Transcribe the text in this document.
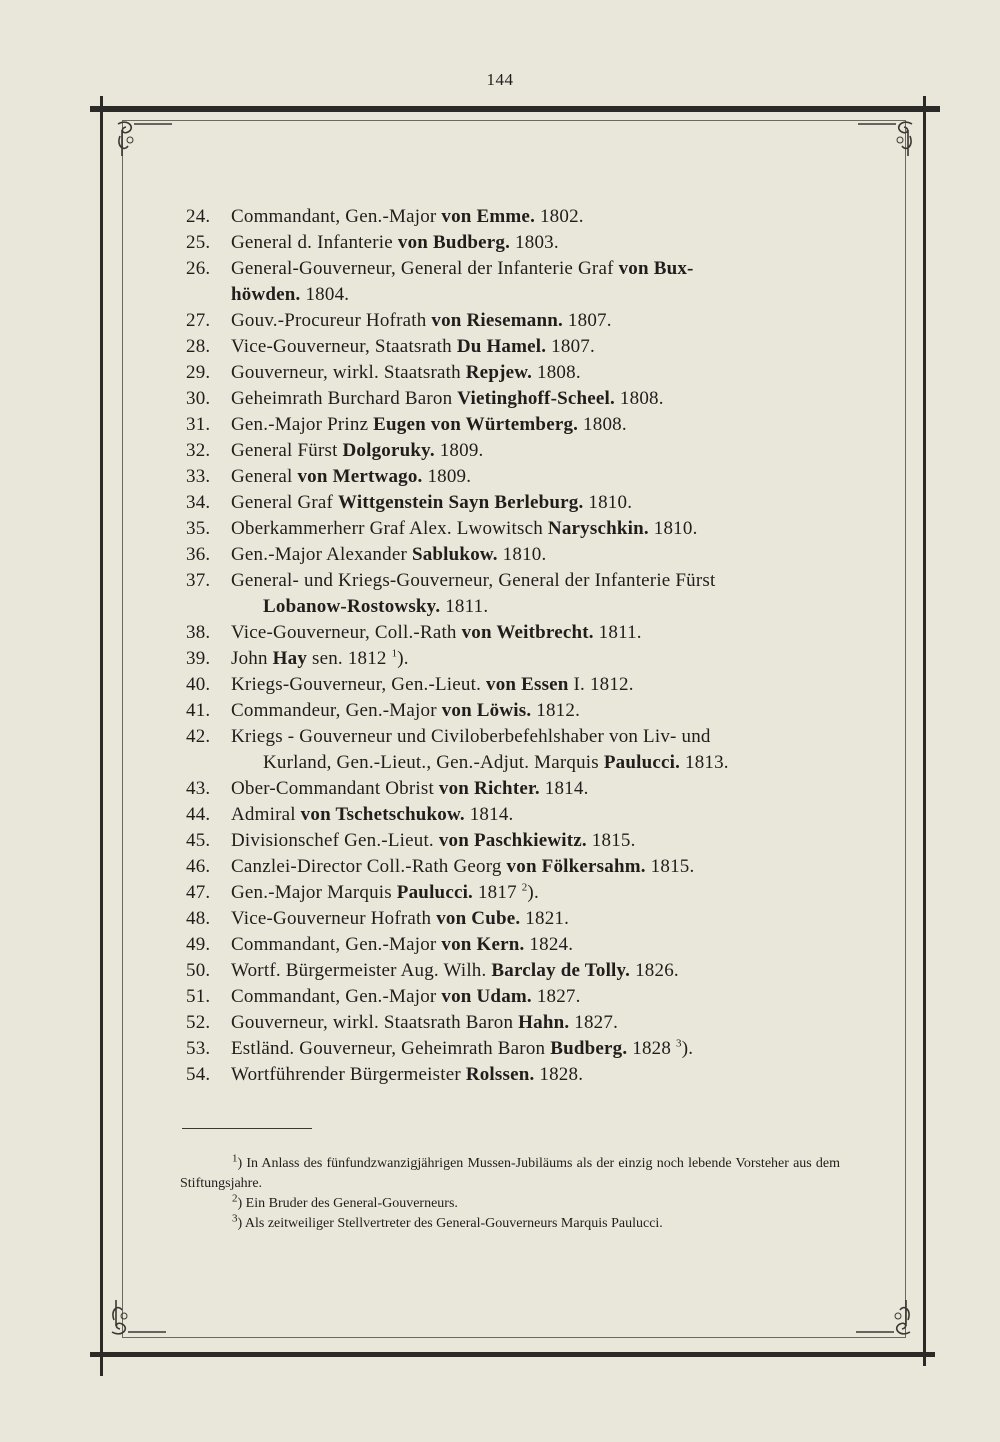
144
24. Commandant, Gen.-Major von Emme. 1802.
25. General d. Infanterie von Budberg. 1803.
26. General-Gouverneur, General der Infanterie Graf von Bux-
höwden. 1804.
27. Gouv.-Procureur Hofrath von Riesemann. 1807.
28. Vice-Gouverneur, Staatsrath Du Hamel. 1807.
29. Gouverneur, wirkl. Staatsrath Repjew. 1808.
30. Geheimrath Burchard Baron Vietinghoff-Scheel. 1808.
31. Gen.-Major Prinz Eugen von Würtemberg. 1808.
32. General Fürst Dolgoruky. 1809.
33. General von Mertwago. 1809.
34. General Graf Wittgenstein Sayn Berleburg. 1810.
35. Oberkammerherr Graf Alex. Lwowitsch Naryschkin. 1810.
36. Gen.-Major Alexander Sablukow. 1810.
37. General- und Kriegs-Gouverneur, General der Infanterie Fürst
Lobanow-Rostowsky. 1811.
38. Vice-Gouverneur, Coll.-Rath von Weitbrecht. 1811.
39. John Hay sen. 1812 $^1$).
40. Kriegs-Gouverneur, Gen.-Lieut. von Essen I. 1812.
41. Commandeur, Gen.-Major von Löwis. 1812.
42. Kriegs - Gouverneur und Civiloberbefehlshaber von Liv- und
Kurland, Gen.-Lieut., Gen.-Adjut. Marquis Paulucci. 1813.
43. Ober-Commandant Obrist von Richter. 1814.
44. Admiral von Tschetschukow. 1814.
45. Divisionschef Gen.-Lieut. von Paschkiewitz. 1815.
46. Canzlei-Director Coll.-Rath Georg von Fölkersahm. 1815.
47. Gen.-Major Marquis Paulucci. 1817 $^2$).
48. Vice-Gouverneur Hofrath von Cube. 1821.
49. Commandant, Gen.-Major von Kern. 1824.
50. Wortf. Bürgermeister Aug. Wilh. Barclay de Tolly. 1826.
51. Commandant, Gen.-Major von Udam. 1827.
52. Gouverneur, wirkl. Staatsrath Baron Hahn. 1827.
53. Estländ. Gouverneur, Geheimrath Baron Budberg. 1828 $^3$).
54. Wortführender Bürgermeister Rolssen. 1828.
$^1$) In Anlass des fünfundzwanzigjährigen Mussen-Jubiläums als der einzig noch lebende Vorsteher aus dem Stiftungsjahre.
$^2$) Ein Bruder des General-Gouverneurs.
$^3$) Als zeitweiliger Stellvertreter des General-Gouverneurs Marquis Paulucci.
